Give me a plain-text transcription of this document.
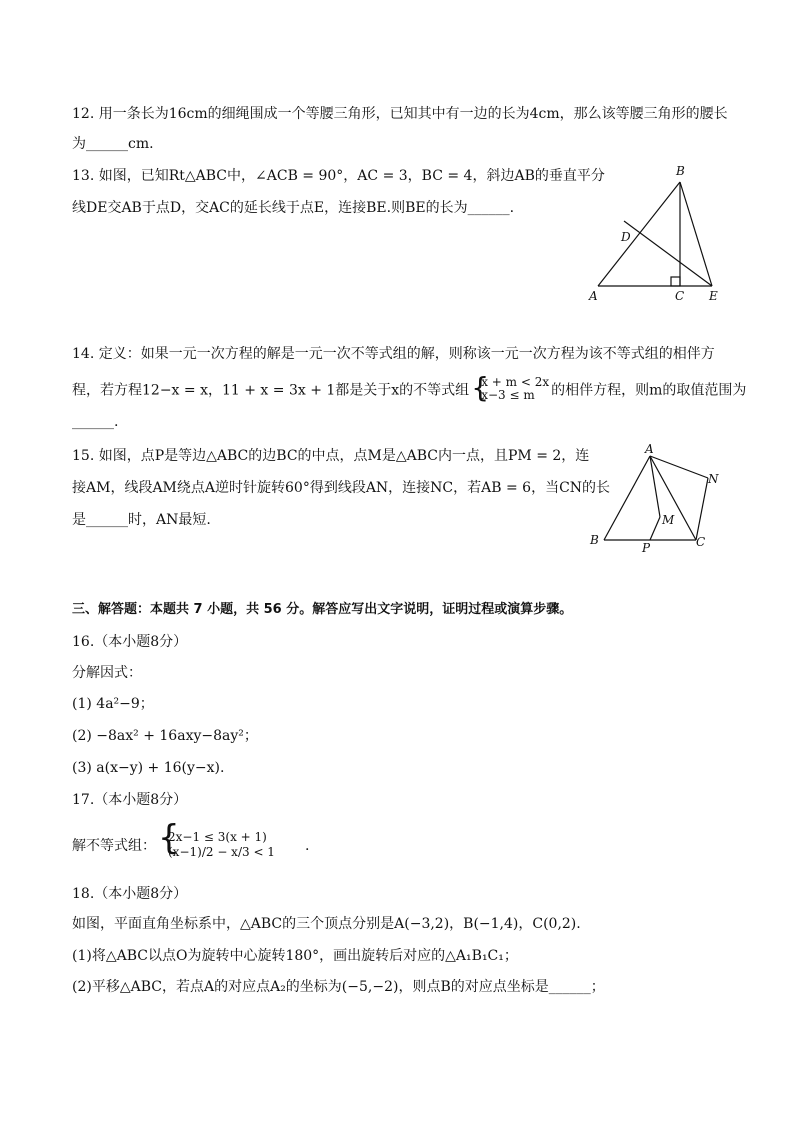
12. 用一条长为16cm的细绳围成一个等腰三角形，已知其中有一边的长为4cm，那么该等腰三角形的腰长
为______cm.
13. 如图，已知Rt△ABC中，∠ACB = 90°，AC = 3，BC = 4，斜边AB的垂直平分
线DE交AB于点D，交AC的延长线于点E，连接BE.则BE的长为______.
B
D
A	C E
14. 定义：如果一元一次方程的解是一元一次不等式组的解，则称该一元一次方程为该不等式组的相伴方
程，若方程12−x = x，11 + x = 3x + 1都是关于x的不等式组 {
x + m < 2x
x−3 ≤ m	的相伴方程，则m的取值范围为
______.
15. 如图，点P是等边△ABC的边BC的中点，点M是△ABC内一点，且PM = 2，连
接AM，线段AM绕点A逆时针旋转60°得到线段AN，连接NC，若AB = 6，当CN的长
是______时，AN最短.
A
N
M
B
P	C
三、解答题：本题共 7 小题，共 56 分。解答应写出文字说明，证明过程或演算步骤。
16.（本小题8分）
分解因式：
(1) 4a²−9；
(2) −8ax² + 16axy−8ay²；
(3) a(x−y) + 16(y−x).
17.（本小题8分）
解不等式组： {
2x−1 ≤ 3(x + 1)
(x−1)/2 − x/3 < 1 .
18.（本小题8分）
如图，平面直角坐标系中，△ABC的三个顶点分别是A(−3,2)，B(−1,4)，C(0,2).
(1)将△ABC以点O为旋转中心旋转180°，画出旋转后对应的△A₁B₁C₁；
(2)平移△ABC，若点A的对应点A₂的坐标为(−5,−2)，则点B的对应点坐标是______；
